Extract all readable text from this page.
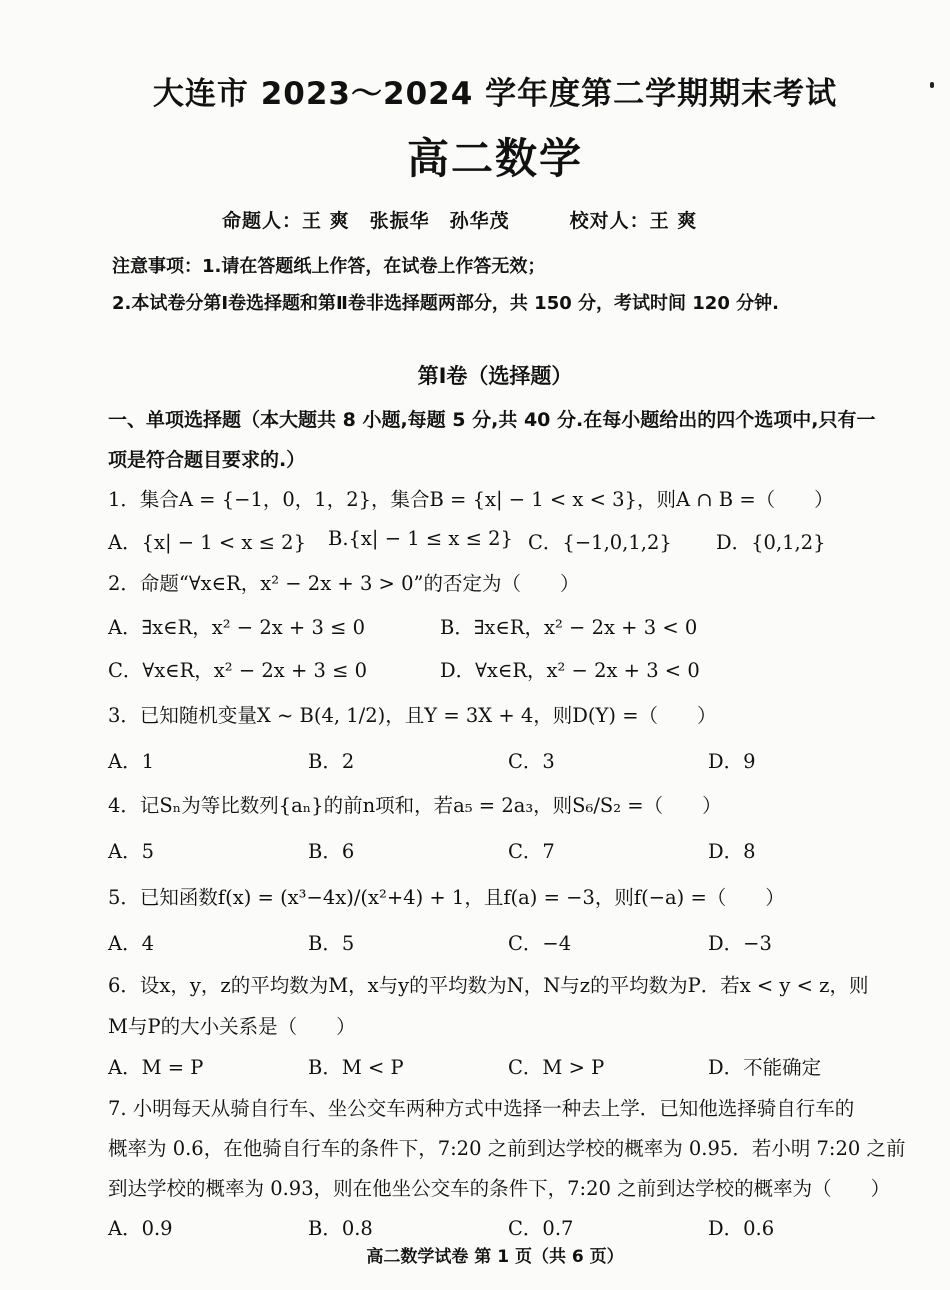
大连市 2023～2024 学年度第二学期期末考试
高二数学
命题人：王 爽　张振华　孙华茂　　　校对人：王 爽
注意事项：1.请在答题纸上作答，在试卷上作答无效；
2.本试卷分第Ⅰ卷选择题和第Ⅱ卷非选择题两部分，共 150 分，考试时间 120 分钟.
第Ⅰ卷（选择题）
一、单项选择题（本大题共 8 小题,每题 5 分,共 40 分.在每小题给出的四个选项中,只有一
项是符合题目要求的.）
1．集合A = {−1，0，1，2}，集合B = {x| − 1 < x < 3}，则A ∩ B =（　　）
A．{x| − 1 < x ≤ 2} B.{x| − 1 ≤ x ≤ 2} C．{−1,0,1,2} D．{0,1,2}
2．命题“∀x∈R，x² − 2x + 3 > 0”的否定为（　　）
A．∃x∈R，x² − 2x + 3 ≤ 0	B．∃x∈R，x² − 2x + 3 < 0
C．∀x∈R，x² − 2x + 3 ≤ 0	D．∀x∈R，x² − 2x + 3 < 0
3．已知随机变量X ~ B(4, 1/2)，且Y = 3X + 4，则D(Y) =（　　）
A．1	B．2	C．3	D．9
4．记Sₙ为等比数列{aₙ}的前n项和，若a₅ = 2a₃，则S₆/S₂ =（　　）
A．5	B．6	C．7	D．8
5．已知函数f(x) = (x³−4x)/(x²+4) + 1，且f(a) = −3，则f(−a) =（　　）
A．4	B．5	C．−4	D．−3
6．设x，y，z的平均数为M，x与y的平均数为N，N与z的平均数为P．若x < y < z，则
M与P的大小关系是（　　）
A．M = P	B．M < P	C．M > P	D．不能确定
7. 小明每天从骑自行车、坐公交车两种方式中选择一种去上学．已知他选择骑自行车的
概率为 0.6，在他骑自行车的条件下，7:20 之前到达学校的概率为 0.95．若小明 7:20 之前
到达学校的概率为 0.93，则在他坐公交车的条件下，7:20 之前到达学校的概率为（　　）
A．0.9	B．0.8	C．0.7	D．0.6
高二数学试卷 第 1 页（共 6 页）
